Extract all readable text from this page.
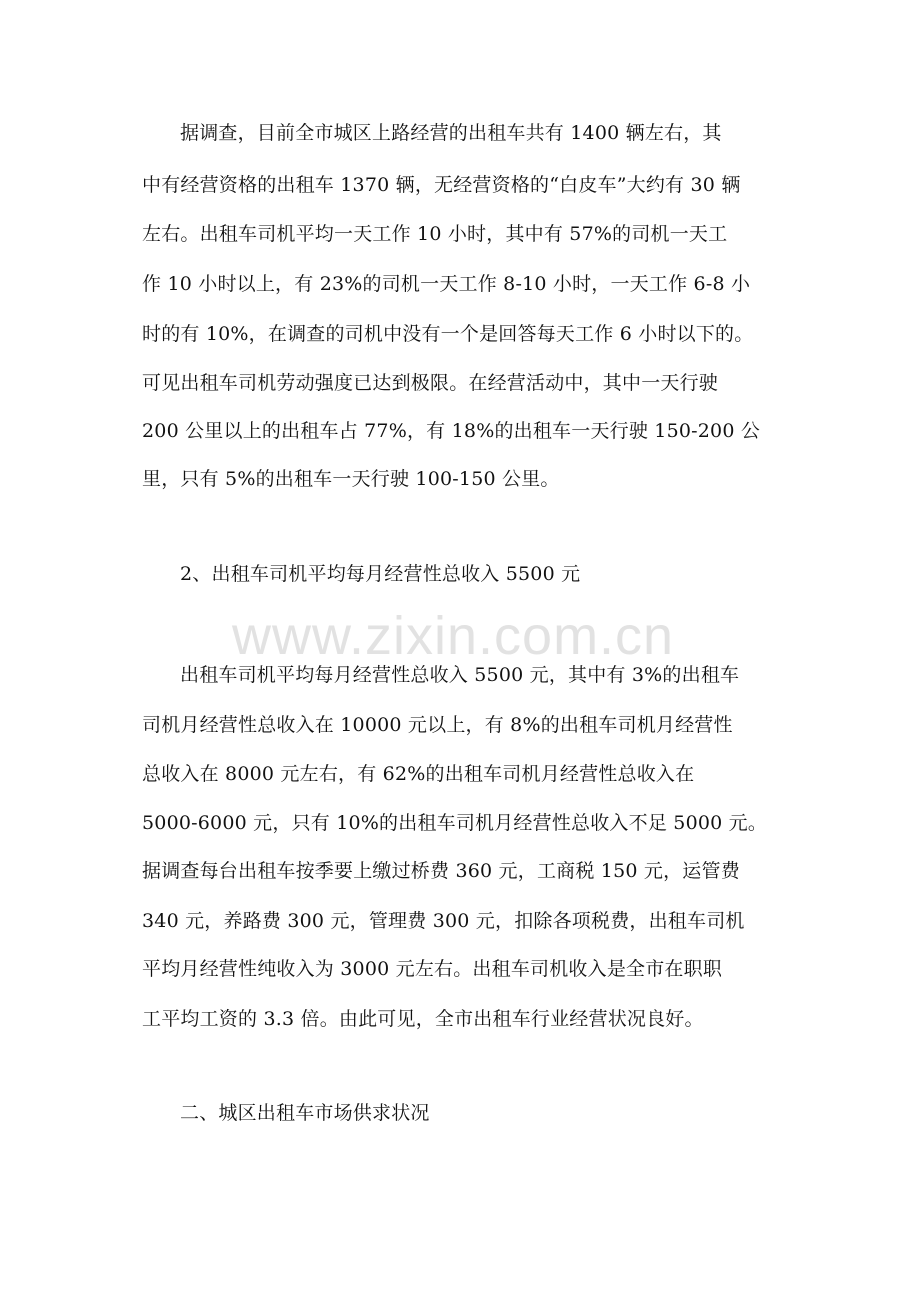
www.zixin.com.cn
据调查，目前全市城区上路经营的出租车共有 1400 辆左右，其
中有经营资格的出租车 1370 辆，无经营资格的“白皮车”大约有 30 辆
左右。出租车司机平均一天工作 10 小时，其中有 57%的司机一天工
作 10 小时以上，有 23%的司机一天工作 8-10 小时，一天工作 6-8 小
时的有 10%，在调查的司机中没有一个是回答每天工作 6 小时以下的。
可见出租车司机劳动强度已达到极限。在经营活动中，其中一天行驶
200 公里以上的出租车占 77%，有 18%的出租车一天行驶 150-200 公
里，只有 5%的出租车一天行驶 100-150 公里。
2、出租车司机平均每月经营性总收入 5500 元
出租车司机平均每月经营性总收入 5500 元，其中有 3%的出租车
司机月经营性总收入在 10000 元以上，有 8%的出租车司机月经营性
总收入在 8000 元左右，有 62%的出租车司机月经营性总收入在
5000-6000 元，只有 10%的出租车司机月经营性总收入不足 5000 元。
据调查每台出租车按季要上缴过桥费 360 元，工商税 150 元，运管费
340 元，养路费 300 元，管理费 300 元，扣除各项税费，出租车司机
平均月经营性纯收入为 3000 元左右。出租车司机收入是全市在职职
工平均工资的 3.3 倍。由此可见，全市出租车行业经营状况良好。
二、城区出租车市场供求状况
